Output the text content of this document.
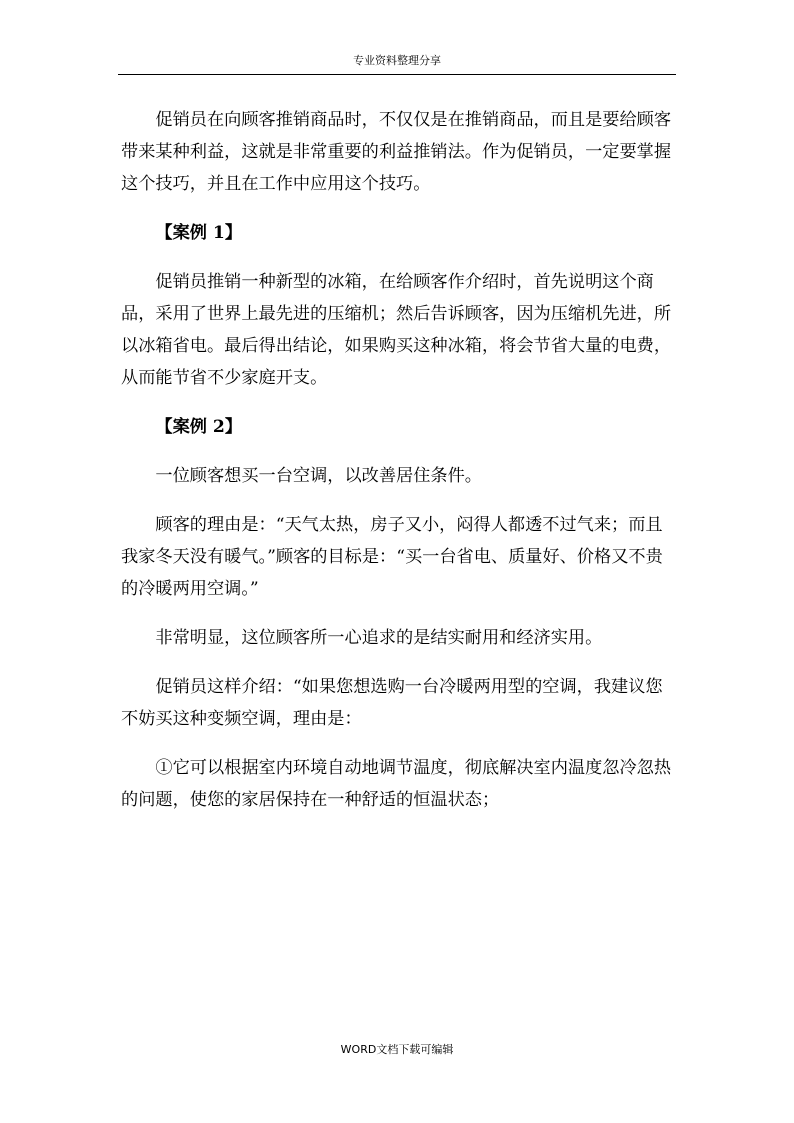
专业资料整理分享

促销员在向顾客推销商品时，不仅仅是在推销商品，而且是要给顾客带来某种利益，这就是非常重要的利益推销法。作为促销员，一定要掌握这个技巧，并且在工作中应用这个技巧。

【案例 1】

促销员推销一种新型的冰箱，在给顾客作介绍时，首先说明这个商品，采用了世界上最先进的压缩机；然后告诉顾客，因为压缩机先进，所以冰箱省电。最后得出结论，如果购买这种冰箱，将会节省大量的电费，从而能节省不少家庭开支。

【案例 2】

一位顾客想买一台空调，以改善居住条件。

顾客的理由是：“天气太热，房子又小，闷得人都透不过气来；而且我家冬天没有暖气。”顾客的目标是：“买一台省电、质量好、价格又不贵的冷暖两用空调。”

非常明显，这位顾客所一心追求的是结实耐用和经济实用。

促销员这样介绍：“如果您想选购一台冷暖两用型的空调，我建议您不妨买这种变频空调，理由是：

①它可以根据室内环境自动地调节温度，彻底解决室内温度忽冷忽热的问题，使您的家居保持在一种舒适的恒温状态；

WORD文档下载可编辑
